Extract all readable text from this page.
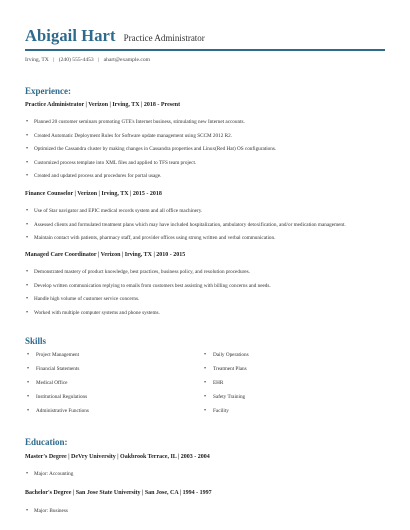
Abigail Hart Practice Administrator
Irving, TX | (240) 555-4453 | ahart@example.com
Experience:
Practice Administrator | Verizon | Irving, TX | 2018 - Present
• Planned 20 customer seminars promoting GTE's Internet business, stimulating new Internet accounts.
• Created Automatic Deployment Rules for Software update management using SCCM 2012 R2.
• Optimized the Cassandra cluster by making changes in Cassandra properties and Linux(Red Hat) OS configurations.
• Customized process template into XML files and applied to TFS team project.
• Created and updated process and procedures for portal usage.
Finance Counselor | Verizon | Irving, TX | 2015 - 2018
• Use of Star navigator and EPIC medical records system and all office machinery.
• Assessed clients and formulated treatment plans which may have included hospitalization, ambulatory detoxification, and/or medication management.
• Maintain contact with patients, pharmacy staff, and provider offices using strong written and verbal communication.
Managed Care Coordinator | Verizon | Irving, TX | 2010 - 2015
• Demonstrated mastery of product knowledge, best practices, business policy, and resolution procedures.
• Develop written communication replying to emails from customers best assisting with billing concerns and needs.
• Handle high volume of customer service concerns.
• Worked with multiple computer systems and phone systems.
Skills
• Project Management
• Financial Statements
• Medical Office
• Institutional Regulations
• Administrative Functions
• Daily Operations
• Treatment Plans
• EHR
• Safety Training
• Facility
Education:
Master's Degree | DeVry University | Oakbrook Terrace, IL | 2003 - 2004
• Major: Accounting
Bachelor's Degree | San Jose State University | San Jose, CA | 1994 - 1997
• Major: Business
